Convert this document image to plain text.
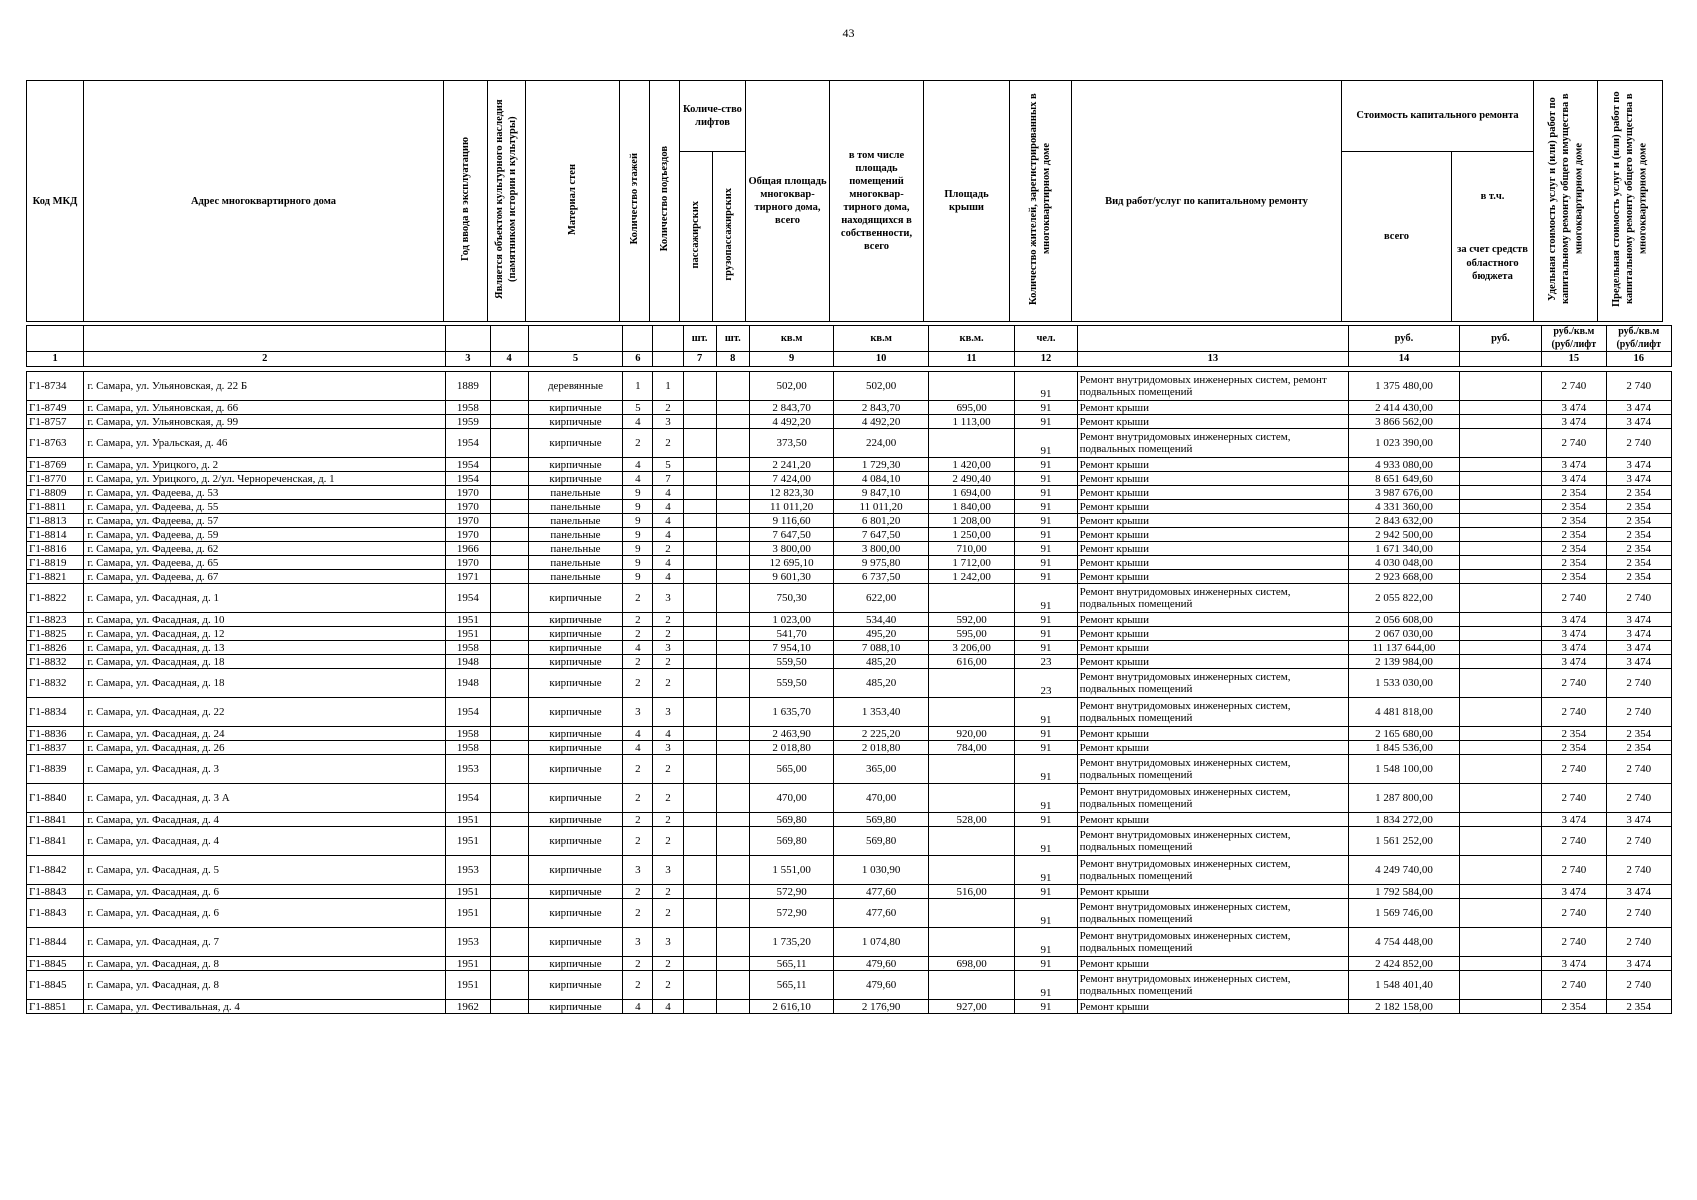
43
Код МКД	Адрес многоквартирного дома	Год ввода в эксплуатацию	Является объектом культурного наследия (памятником истории и культуры)	Материал стен	Количество этажей	Количество подъездов	Количе-ство лифтов		Общая площадь многоквар-тирного дома, всего	в том числе площадь помещений многоквар-тирного дома, находящихся в собственности, всего	Площадь крыши	Количество жителей, зарегистрированных в многоквартирном доме	Вид работ/услуг по капитальному ремонту	Стоимость капитального ремонта		Удельная стоимость услуг и (или) работ по капитальному ремонту общего имущества в многоквартирном доме	Предельная стоимость услуг и (или) работ по капитальному ремонту общего имущества в многоквартирном доме	
							пассажирских	грузопассажирских						всего	в т.ч.
за счет средств областного бюджета			

							шт.	шт.	кв.м	кв.м	кв.м.	чел.		руб.	руб.	руб./кв.м (руб/лифт	руб./кв.м (руб/лифт
1	2	3	4	5	6		7	8	9	10	11	12	13	14		15	16

Г1-8734	г. Самара, ул. Ульяновская, д. 22 Б	1889		деревянные	1	1			502,00	502,00		91	Ремонт внутридомовых инженерных систем, ремонт подвальных помещений	1 375 480,00		2 740	2 740
Г1-8749	г. Самара, ул. Ульяновская, д. 66	1958		кирпичные	5	2			2 843,70	2 843,70	695,00	91	Ремонт крыши	2 414 430,00		3 474	3 474
Г1-8757	г. Самара, ул. Ульяновская, д. 99	1959		кирпичные	4	3			4 492,20	4 492,20	1 113,00	91	Ремонт крыши	3 866 562,00		3 474	3 474
Г1-8763	г. Самара, ул. Уральская, д. 46	1954		кирпичные	2	2			373,50	224,00		91	Ремонт внутридомовых инженерных систем, подвальных помещений	1 023 390,00		2 740	2 740
Г1-8769	г. Самара, ул. Урицкого, д. 2	1954		кирпичные	4	5			2 241,20	1 729,30	1 420,00	91	Ремонт крыши	4 933 080,00		3 474	3 474
Г1-8770	г. Самара, ул. Урицкого, д. 2/ул. Чернореченская, д. 1	1954		кирпичные	4	7			7 424,00	4 084,10	2 490,40	91	Ремонт крыши	8 651 649,60		3 474	3 474
Г1-8809	г. Самара, ул. Фадеева, д. 53	1970		панельные	9	4			12 823,30	9 847,10	1 694,00	91	Ремонт крыши	3 987 676,00		2 354	2 354
Г1-8811	г. Самара, ул. Фадеева, д. 55	1970		панельные	9	4			11 011,20	11 011,20	1 840,00	91	Ремонт крыши	4 331 360,00		2 354	2 354
Г1-8813	г. Самара, ул. Фадеева, д. 57	1970		панельные	9	4			9 116,60	6 801,20	1 208,00	91	Ремонт крыши	2 843 632,00		2 354	2 354
Г1-8814	г. Самара, ул. Фадеева, д. 59	1970		панельные	9	4			7 647,50	7 647,50	1 250,00	91	Ремонт крыши	2 942 500,00		2 354	2 354
Г1-8816	г. Самара, ул. Фадеева, д. 62	1966		панельные	9	2			3 800,00	3 800,00	710,00	91	Ремонт крыши	1 671 340,00		2 354	2 354
Г1-8819	г. Самара, ул. Фадеева, д. 65	1970		панельные	9	4			12 695,10	9 975,80	1 712,00	91	Ремонт крыши	4 030 048,00		2 354	2 354
Г1-8821	г. Самара, ул. Фадеева, д. 67	1971		панельные	9	4			9 601,30	6 737,50	1 242,00	91	Ремонт крыши	2 923 668,00		2 354	2 354
Г1-8822	г. Самара, ул. Фасадная, д. 1	1954		кирпичные	2	3			750,30	622,00		91	Ремонт внутридомовых инженерных систем, подвальных помещений	2 055 822,00		2 740	2 740
Г1-8823	г. Самара, ул. Фасадная, д. 10	1951		кирпичные	2	2			1 023,00	534,40	592,00	91	Ремонт крыши	2 056 608,00		3 474	3 474
Г1-8825	г. Самара, ул. Фасадная, д. 12	1951		кирпичные	2	2			541,70	495,20	595,00	91	Ремонт крыши	2 067 030,00		3 474	3 474
Г1-8826	г. Самара, ул. Фасадная, д. 13	1958		кирпичные	4	3			7 954,10	7 088,10	3 206,00	91	Ремонт крыши	11 137 644,00		3 474	3 474
Г1-8832	г. Самара, ул. Фасадная, д. 18	1948		кирпичные	2	2			559,50	485,20	616,00	23	Ремонт крыши	2 139 984,00		3 474	3 474
Г1-8832	г. Самара, ул. Фасадная, д. 18	1948		кирпичные	2	2			559,50	485,20		23	Ремонт внутридомовых инженерных систем, подвальных помещений	1 533 030,00		2 740	2 740
Г1-8834	г. Самара, ул. Фасадная, д. 22	1954		кирпичные	3	3			1 635,70	1 353,40		91	Ремонт внутридомовых инженерных систем, подвальных помещений	4 481 818,00		2 740	2 740
Г1-8836	г. Самара, ул. Фасадная, д. 24	1958		кирпичные	4	4			2 463,90	2 225,20	920,00	91	Ремонт крыши	2 165 680,00		2 354	2 354
Г1-8837	г. Самара, ул. Фасадная, д. 26	1958		кирпичные	4	3			2 018,80	2 018,80	784,00	91	Ремонт крыши	1 845 536,00		2 354	2 354
Г1-8839	г. Самара, ул. Фасадная, д. 3	1953		кирпичные	2	2			565,00	365,00		91	Ремонт внутридомовых инженерных систем, подвальных помещений	1 548 100,00		2 740	2 740
Г1-8840	г. Самара, ул. Фасадная, д. 3 А	1954		кирпичные	2	2			470,00	470,00		91	Ремонт внутридомовых инженерных систем, подвальных помещений	1 287 800,00		2 740	2 740
Г1-8841	г. Самара, ул. Фасадная, д. 4	1951		кирпичные	2	2			569,80	569,80	528,00	91	Ремонт крыши	1 834 272,00		3 474	3 474
Г1-8841	г. Самара, ул. Фасадная, д. 4	1951		кирпичные	2	2			569,80	569,80		91	Ремонт внутридомовых инженерных систем, подвальных помещений	1 561 252,00		2 740	2 740
Г1-8842	г. Самара, ул. Фасадная, д. 5	1953		кирпичные	3	3			1 551,00	1 030,90		91	Ремонт внутридомовых инженерных систем, подвальных помещений	4 249 740,00		2 740	2 740
Г1-8843	г. Самара, ул. Фасадная, д. 6	1951		кирпичные	2	2			572,90	477,60	516,00	91	Ремонт крыши	1 792 584,00		3 474	3 474
Г1-8843	г. Самара, ул. Фасадная, д. 6	1951		кирпичные	2	2			572,90	477,60		91	Ремонт внутридомовых инженерных систем, подвальных помещений	1 569 746,00		2 740	2 740
Г1-8844	г. Самара, ул. Фасадная, д. 7	1953		кирпичные	3	3			1 735,20	1 074,80		91	Ремонт внутридомовых инженерных систем, подвальных помещений	4 754 448,00		2 740	2 740
Г1-8845	г. Самара, ул. Фасадная, д. 8	1951		кирпичные	2	2			565,11	479,60	698,00	91	Ремонт крыши	2 424 852,00		3 474	3 474
Г1-8845	г. Самара, ул. Фасадная, д. 8	1951		кирпичные	2	2			565,11	479,60		91	Ремонт внутридомовых инженерных систем, подвальных помещений	1 548 401,40		2 740	2 740
Г1-8851	г. Самара, ул. Фестивальная, д. 4	1962		кирпичные	4	4			2 616,10	2 176,90	927,00	91	Ремонт крыши	2 182 158,00		2 354	2 354
